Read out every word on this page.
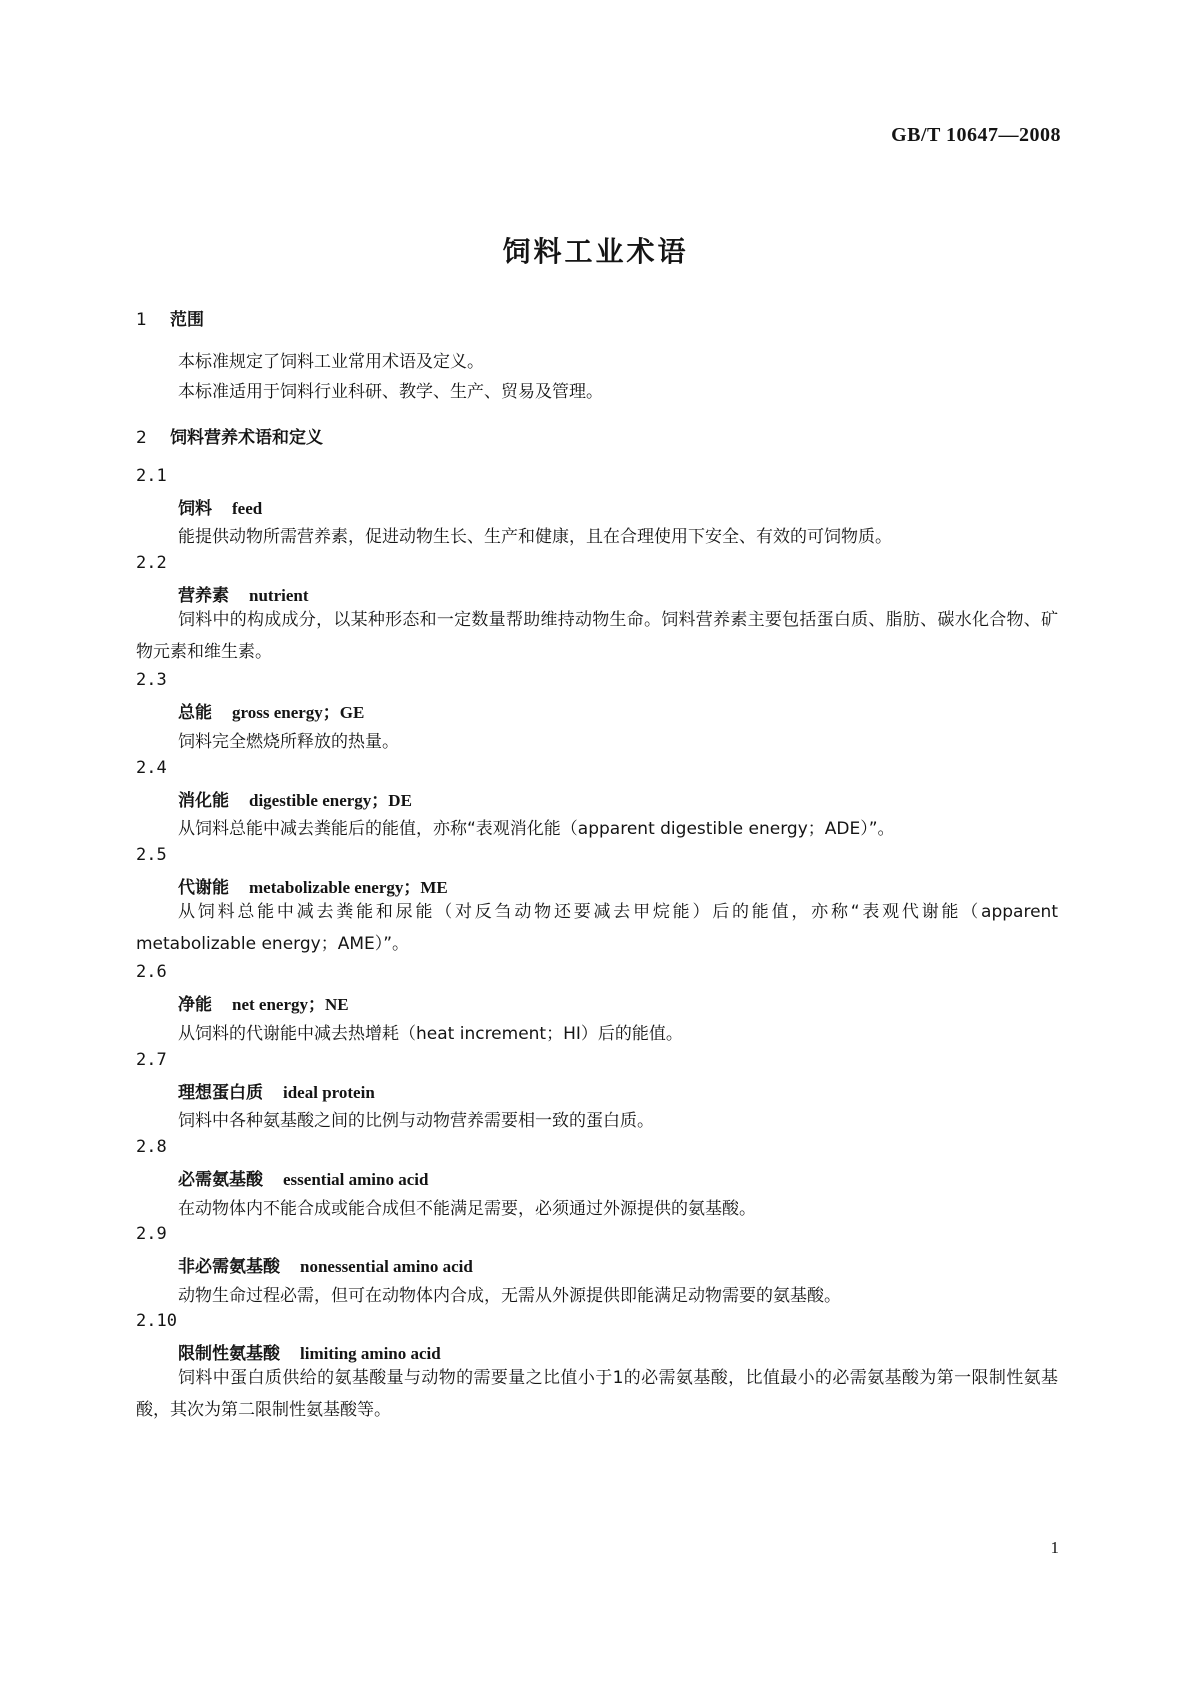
GB/T 10647—2008
饲料工业术语
1 范围
本标准规定了饲料工业常用术语及定义。
本标准适用于饲料行业科研、教学、生产、贸易及管理。
2 饲料营养术语和定义
2.1
饲料 feed
能提供动物所需营养素，促进动物生长、生产和健康，且在合理使用下安全、有效的可饲物质。
2.2
营养素 nutrient
饲料中的构成成分，以某种形态和一定数量帮助维持动物生命。饲料营养素主要包括蛋白质、脂肪、碳水化合物、矿物元素和维生素。
2.3
总能 gross energy；GE
饲料完全燃烧所释放的热量。
2.4
消化能 digestible energy；DE
从饲料总能中减去粪能后的能值，亦称“表观消化能（apparent digestible energy；ADE）”。
2.5
代谢能 metabolizable energy；ME
从饲料总能中减去粪能和尿能（对反刍动物还要减去甲烷能）后的能值，亦称“表观代谢能（apparent metabolizable energy；AME）”。
2.6
净能 net energy；NE
从饲料的代谢能中减去热增耗（heat increment；HI）后的能值。
2.7
理想蛋白质 ideal protein
饲料中各种氨基酸之间的比例与动物营养需要相一致的蛋白质。
2.8
必需氨基酸 essential amino acid
在动物体内不能合成或能合成但不能满足需要，必须通过外源提供的氨基酸。
2.9
非必需氨基酸 nonessential amino acid
动物生命过程必需，但可在动物体内合成，无需从外源提供即能满足动物需要的氨基酸。
2.10
限制性氨基酸 limiting amino acid
饲料中蛋白质供给的氨基酸量与动物的需要量之比值小于1的必需氨基酸，比值最小的必需氨基酸为第一限制性氨基酸，其次为第二限制性氨基酸等。
1
